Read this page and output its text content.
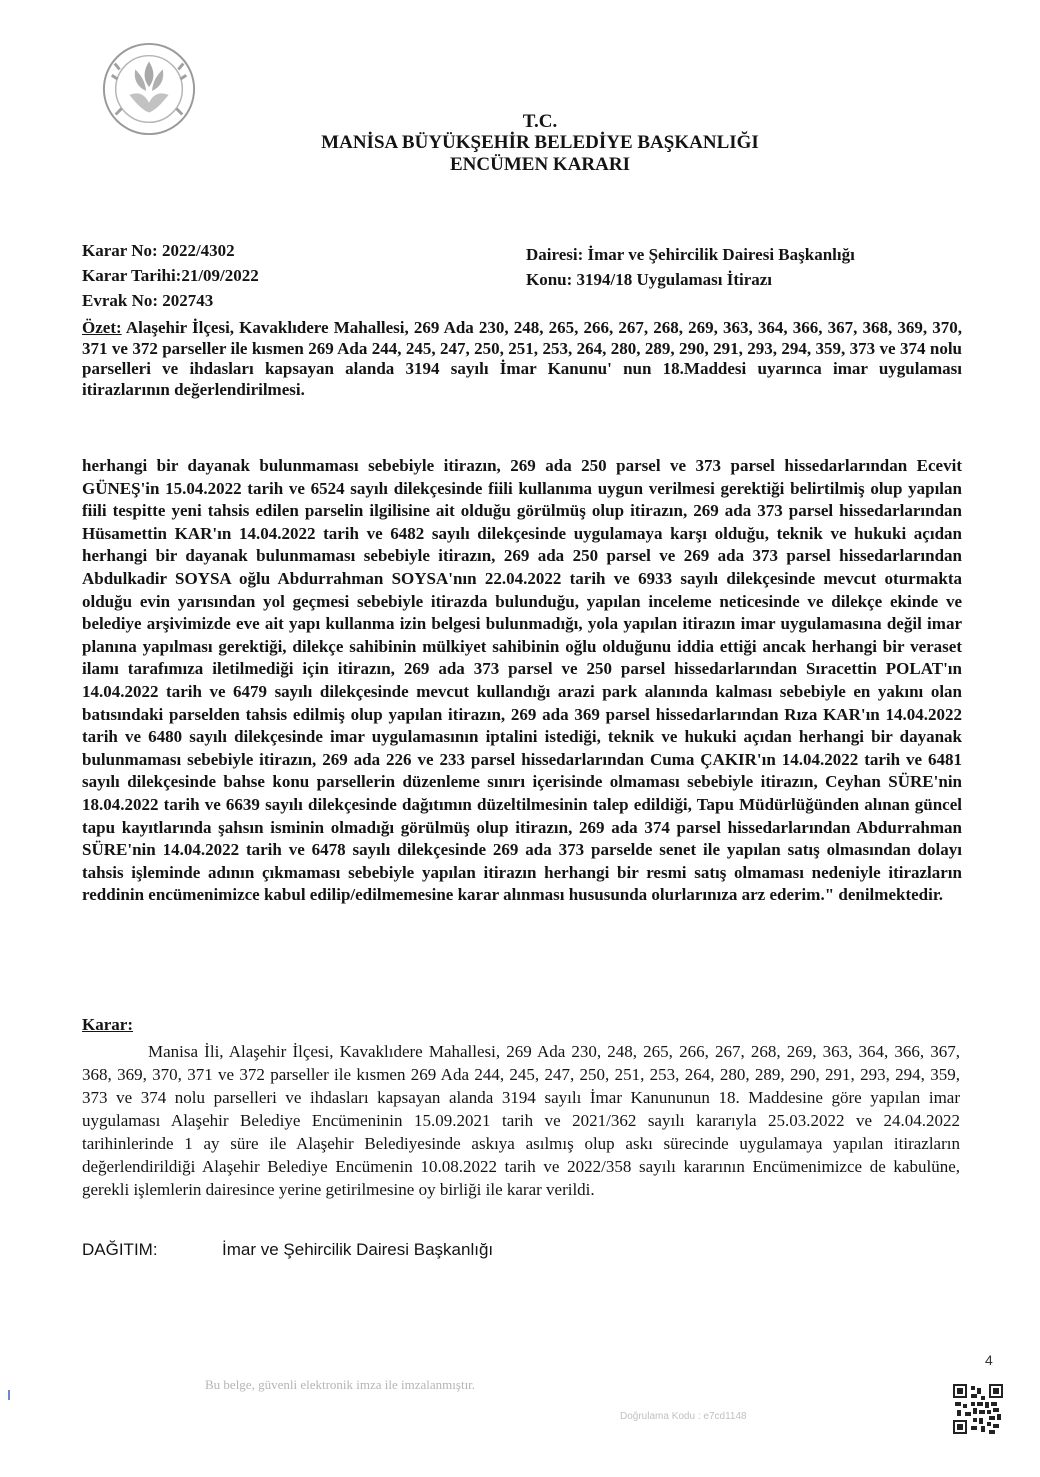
T.C.
MANİSA BÜYÜKŞEHİR BELEDİYE BAŞKANLIĞI
ENCÜMEN KARARI
Karar No: 2022/4302
Karar Tarihi:21/09/2022
Evrak No: 202743
Dairesi: İmar ve Şehircilik Dairesi Başkanlığı
Konu: 3194/18 Uygulaması İtirazı
Özet: Alaşehir İlçesi, Kavaklıdere Mahallesi, 269 Ada 230, 248, 265, 266, 267, 268, 269, 363, 364, 366, 367, 368, 369, 370, 371 ve 372 parseller ile kısmen 269 Ada 244, 245, 247, 250, 251, 253, 264, 280, 289, 290, 291, 293, 294, 359, 373 ve 374 nolu parselleri ve ihdasları kapsayan alanda 3194 sayılı İmar Kanunu' nun 18.Maddesi uyarınca imar uygulaması itirazlarının değerlendirilmesi.
herhangi bir dayanak bulunmaması sebebiyle itirazın, 269 ada 250 parsel ve 373 parsel hissedarlarından Ecevit GÜNEŞ'in 15.04.2022 tarih ve 6524 sayılı dilekçesinde fiili kullanıma uygun verilmesi gerektiği belirtilmiş olup yapılan fiili tespitte yeni tahsis edilen parselin ilgilisine ait olduğu görülmüş olup itirazın, 269 ada 373 parsel hissedarlarından Hüsamettin KAR'ın 14.04.2022 tarih ve 6482 sayılı dilekçesinde uygulamaya karşı olduğu, teknik ve hukuki açıdan herhangi bir dayanak bulunmaması sebebiyle itirazın, 269 ada 250 parsel ve 269 ada 373 parsel hissedarlarından Abdulkadir SOYSA oğlu Abdurrahman SOYSA'nın 22.04.2022 tarih ve 6933 sayılı dilekçesinde mevcut oturmakta olduğu evin yarısından yol geçmesi sebebiyle itirazda bulunduğu, yapılan inceleme neticesinde ve dilekçe ekinde ve belediye arşivimizde eve ait yapı kullanma izin belgesi bulunmadığı, yola yapılan itirazın imar uygulamasına değil imar planına yapılması gerektiği, dilekçe sahibinin mülkiyet sahibinin oğlu olduğunu iddia ettiği ancak herhangi bir veraset ilamı tarafımıza iletilmediği için itirazın, 269 ada 373 parsel ve 250 parsel hissedarlarından Sıracettin POLAT'ın 14.04.2022 tarih ve 6479 sayılı dilekçesinde mevcut kullandığı arazi park alanında kalması sebebiyle en yakını olan batısındaki parselden tahsis edilmiş olup yapılan itirazın, 269 ada 369 parsel hissedarlarından Rıza KAR'ın 14.04.2022 tarih ve 6480 sayılı dilekçesinde imar uygulamasının iptalini istediği, teknik ve hukuki açıdan herhangi bir dayanak bulunmaması sebebiyle itirazın, 269 ada 226 ve 233 parsel hissedarlarından Cuma ÇAKIR'ın 14.04.2022 tarih ve 6481 sayılı dilekçesinde bahse konu parsellerin düzenleme sınırı içerisinde olmaması sebebiyle itirazın, Ceyhan SÜRE'nin 18.04.2022 tarih ve 6639 sayılı dilekçesinde dağıtımın düzeltilmesinin talep edildiği, Tapu Müdürlüğünden alınan güncel tapu kayıtlarında şahsın isminin olmadığı görülmüş olup itirazın, 269 ada 374 parsel hissedarlarından Abdurrahman SÜRE'nin 14.04.2022 tarih ve 6478 sayılı dilekçesinde 269 ada 373 parselde senet ile yapılan satış olmasından dolayı tahsis işleminde adının çıkmaması sebebiyle yapılan itirazın herhangi bir resmi satış olmaması nedeniyle itirazların reddinin encümenimizce kabul edilip/edilmemesine karar alınması hususunda olurlarınıza arz ederim." denilmektedir.
Karar:
Manisa İli, Alaşehir İlçesi, Kavaklıdere Mahallesi, 269 Ada 230, 248, 265, 266, 267, 268, 269, 363, 364, 366, 367, 368, 369, 370, 371 ve 372 parseller ile kısmen 269 Ada 244, 245, 247, 250, 251, 253, 264, 280, 289, 290, 291, 293, 294, 359, 373 ve 374 nolu parselleri ve ihdasları kapsayan alanda 3194 sayılı İmar Kanununun 18. Maddesine göre yapılan imar uygulaması Alaşehir Belediye Encümeninin 15.09.2021 tarih ve 2021/362 sayılı kararıyla 25.03.2022 ve 24.04.2022 tarihinlerinde 1 ay süre ile Alaşehir Belediyesinde askıya asılmış olup askı sürecinde uygulamaya yapılan itirazların değerlendirildiği Alaşehir Belediye Encümenin 10.08.2022 tarih ve 2022/358 sayılı kararının Encümenimizce de kabulüne, gerekli işlemlerin dairesince yerine getirilmesine oy birliği ile karar verildi.
DAĞITIM:	İmar ve Şehircilik Dairesi Başkanlığı
4
Bu belge, güvenli elektronik imza ile imzalanmıştır.
Doğrulama Kodu : e7cd1148
